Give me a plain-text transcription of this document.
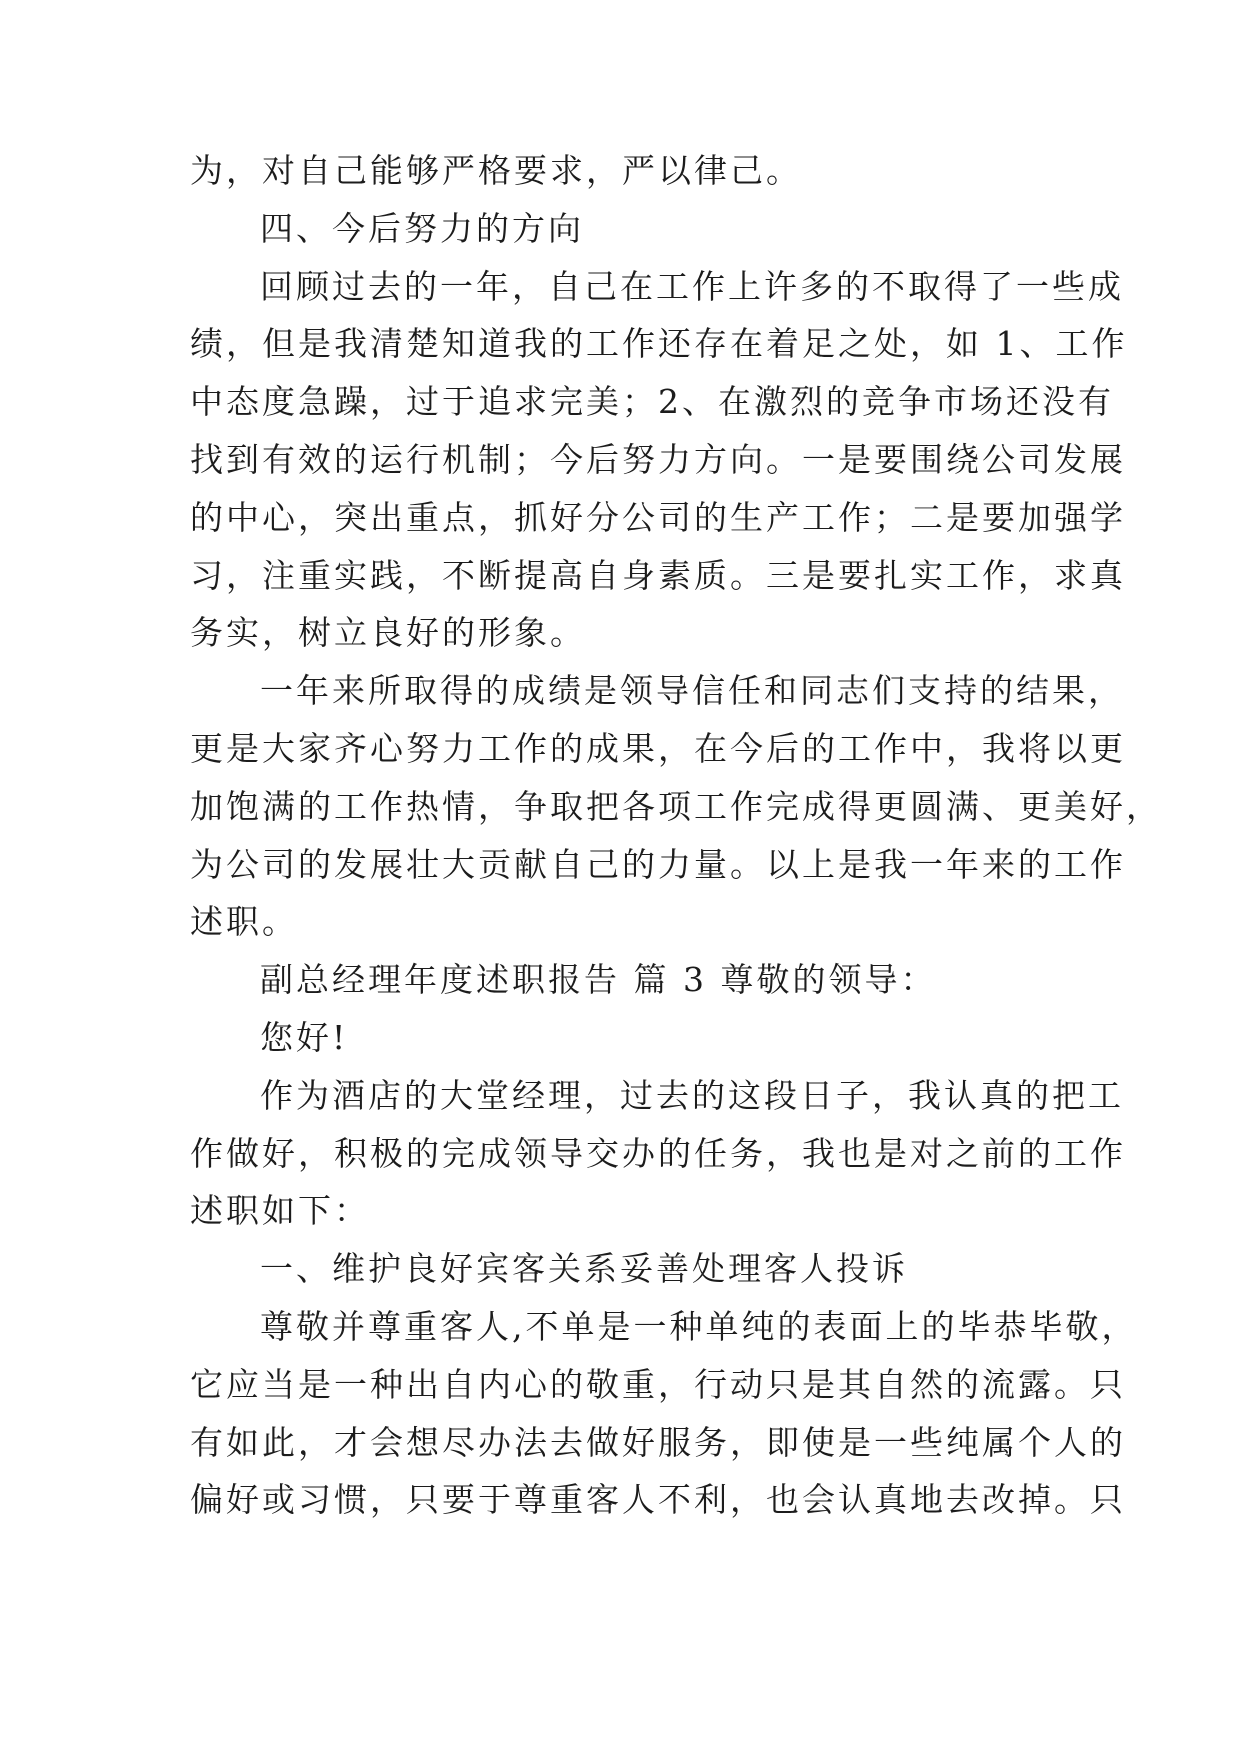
为，对自己能够严格要求，严以律己。
四、今后努力的方向
回顾过去的一年，自己在工作上许多的不取得了一些成
绩，但是我清楚知道我的工作还存在着足之处，如 1、工作
中态度急躁，过于追求完美；2、在激烈的竞争市场还没有
找到有效的运行机制；今后努力方向。一是要围绕公司发展
的中心，突出重点，抓好分公司的生产工作；二是要加强学
习，注重实践，不断提高自身素质。三是要扎实工作，求真
务实，树立良好的形象。
一年来所取得的成绩是领导信任和同志们支持的结果，
更是大家齐心努力工作的成果，在今后的工作中，我将以更
加饱满的工作热情，争取把各项工作完成得更圆满、更美好，
为公司的发展壮大贡献自己的力量。以上是我一年来的工作
述职。
副总经理年度述职报告 篇 3 尊敬的领导：
您好!
作为酒店的大堂经理，过去的这段日子，我认真的把工
作做好，积极的完成领导交办的任务，我也是对之前的工作
述职如下：
一、维护良好宾客关系妥善处理客人投诉
尊敬并尊重客人,不单是一种单纯的表面上的毕恭毕敬，
它应当是一种出自内心的敬重，行动只是其自然的流露。只
有如此，才会想尽办法去做好服务，即使是一些纯属个人的
偏好或习惯，只要于尊重客人不利，也会认真地去改掉。只
